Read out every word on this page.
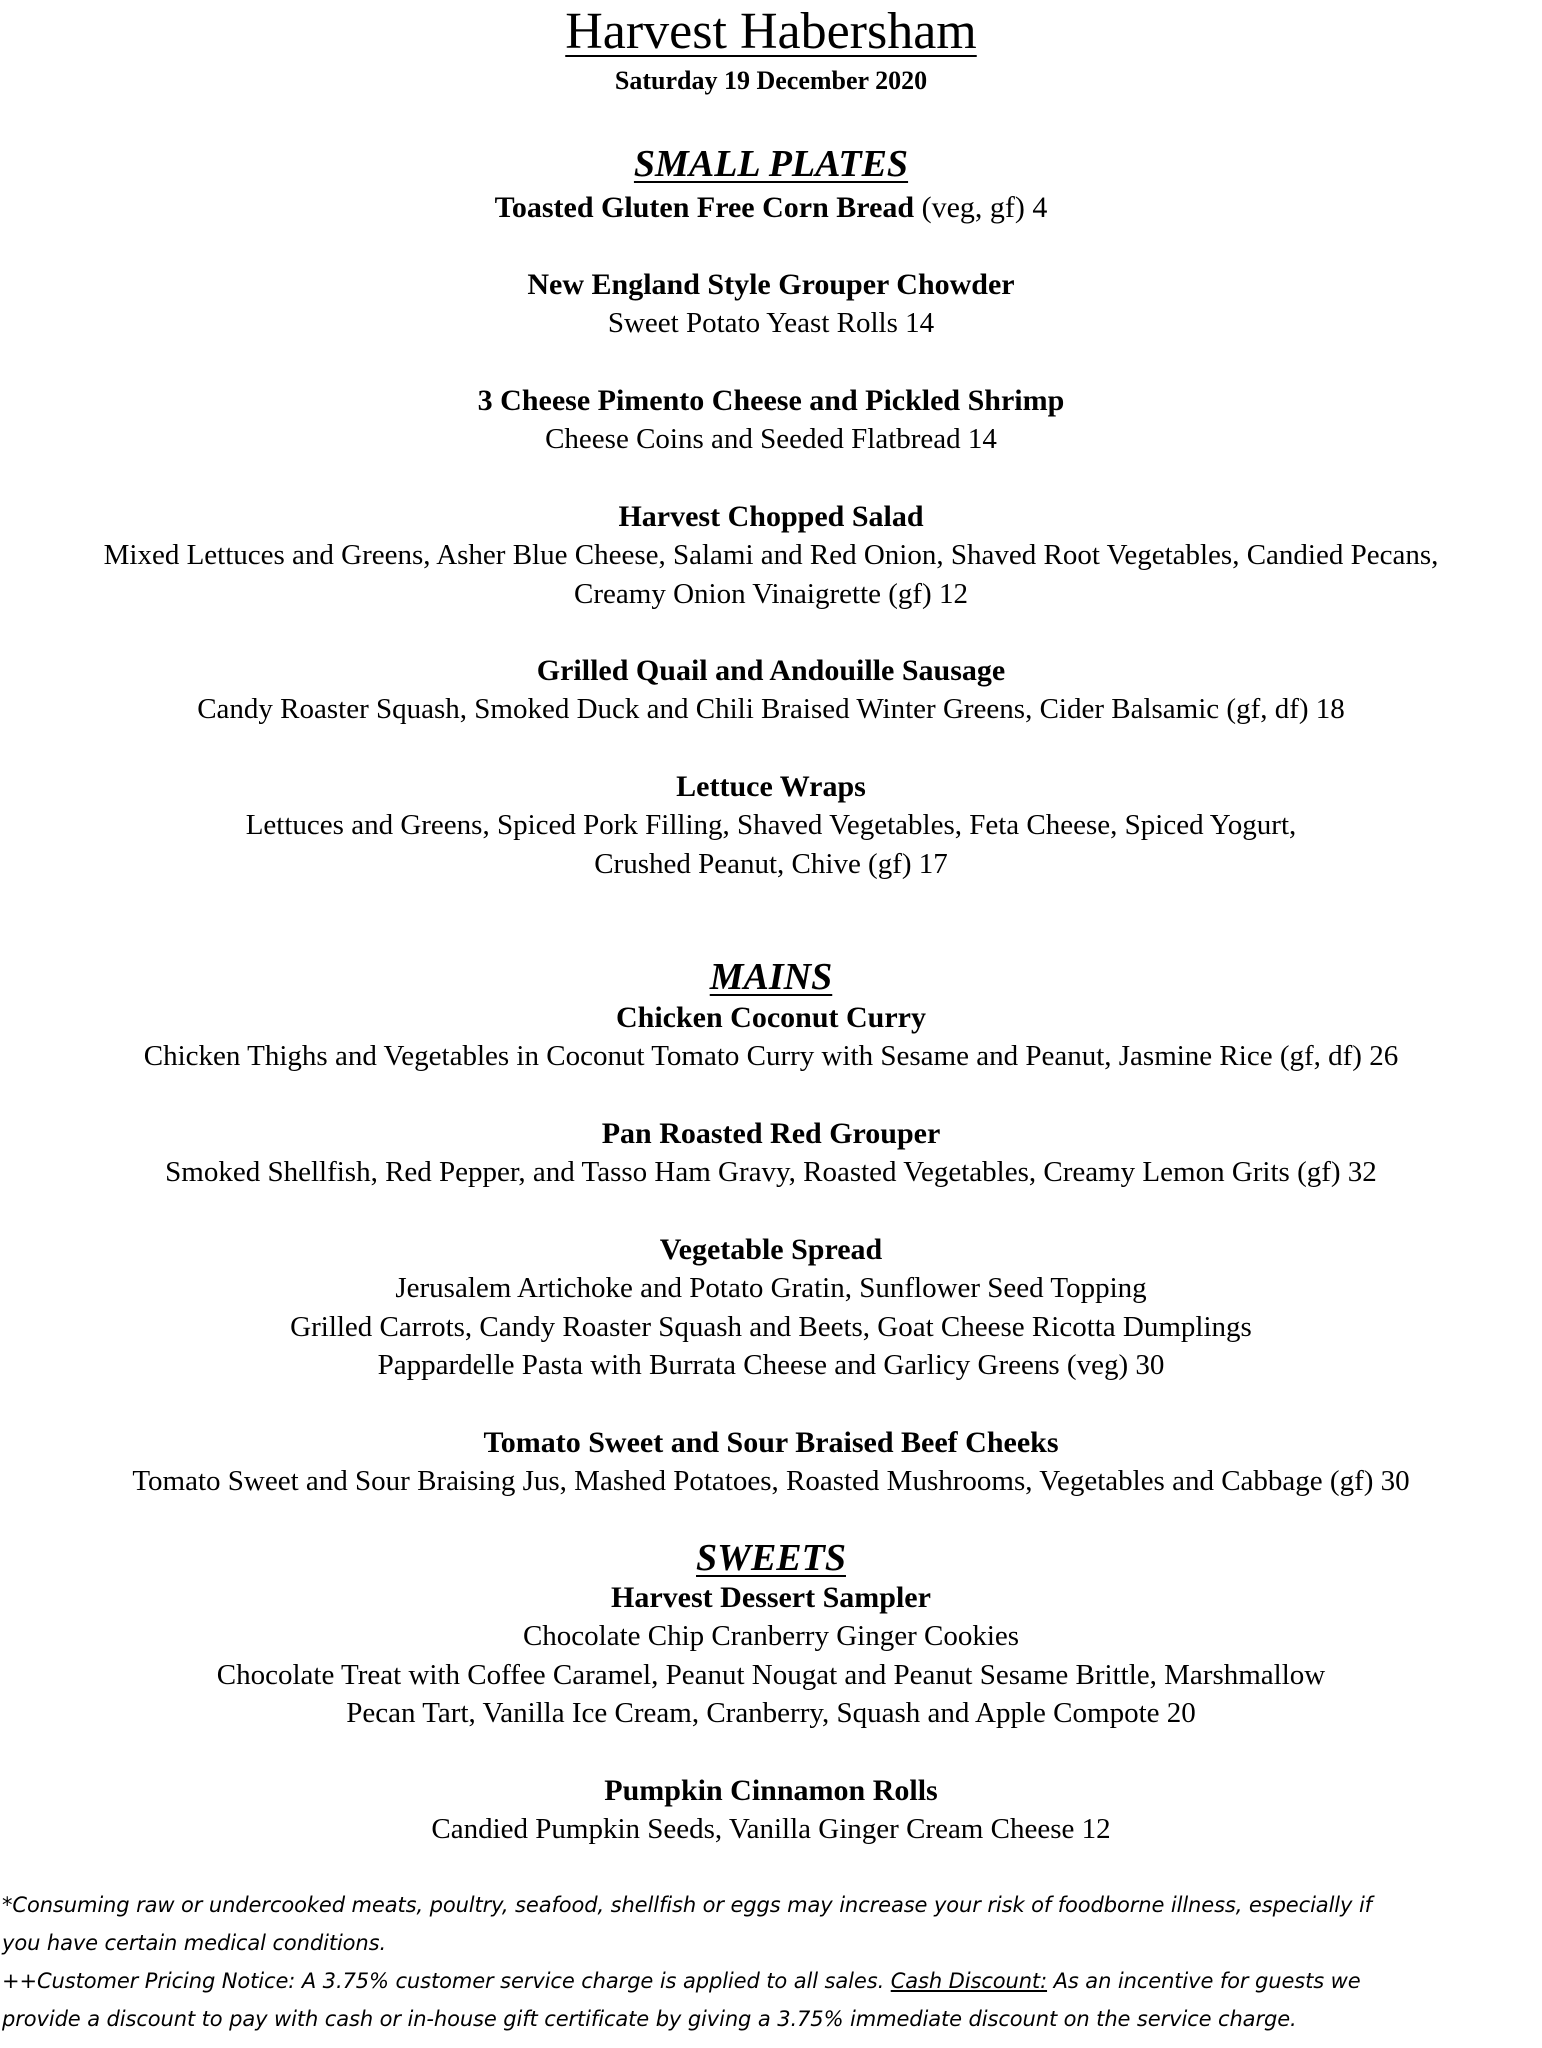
Harvest Habersham
Saturday 19 December 2020
SMALL PLATES
Toasted Gluten Free Corn Bread (veg, gf) 4
New England Style Grouper Chowder
Sweet Potato Yeast Rolls 14
3 Cheese Pimento Cheese and Pickled Shrimp
Cheese Coins and Seeded Flatbread 14
Harvest Chopped Salad
Mixed Lettuces and Greens, Asher Blue Cheese, Salami and Red Onion, Shaved Root Vegetables, Candied Pecans,
Creamy Onion Vinaigrette (gf) 12
Grilled Quail and Andouille Sausage
Candy Roaster Squash, Smoked Duck and Chili Braised Winter Greens, Cider Balsamic (gf, df) 18
Lettuce Wraps
Lettuces and Greens, Spiced Pork Filling, Shaved Vegetables, Feta Cheese, Spiced Yogurt,
Crushed Peanut, Chive (gf) 17
MAINS
Chicken Coconut Curry
Chicken Thighs and Vegetables in Coconut Tomato Curry with Sesame and Peanut, Jasmine Rice (gf, df) 26
Pan Roasted Red Grouper
Smoked Shellfish, Red Pepper, and Tasso Ham Gravy, Roasted Vegetables, Creamy Lemon Grits (gf) 32
Vegetable Spread
Jerusalem Artichoke and Potato Gratin, Sunflower Seed Topping
Grilled Carrots, Candy Roaster Squash and Beets, Goat Cheese Ricotta Dumplings
Pappardelle Pasta with Burrata Cheese and Garlicy Greens (veg) 30
Tomato Sweet and Sour Braised Beef Cheeks
Tomato Sweet and Sour Braising Jus, Mashed Potatoes, Roasted Mushrooms, Vegetables and Cabbage (gf) 30
SWEETS
Harvest Dessert Sampler
Chocolate Chip Cranberry Ginger Cookies
Chocolate Treat with Coffee Caramel, Peanut Nougat and Peanut Sesame Brittle, Marshmallow
Pecan Tart, Vanilla Ice Cream, Cranberry, Squash and Apple Compote 20
Pumpkin Cinnamon Rolls
Candied Pumpkin Seeds, Vanilla Ginger Cream Cheese 12

*Consuming raw or undercooked meats, poultry, seafood, shellfish or eggs may increase your risk of foodborne illness, especially if

you have certain medical conditions.

++Customer Pricing Notice: A 3.75% customer service charge is applied to all sales. Cash Discount: As an incentive for guests we

provide a discount to pay with cash or in-house gift certificate by giving a 3.75% immediate discount on the service charge.
